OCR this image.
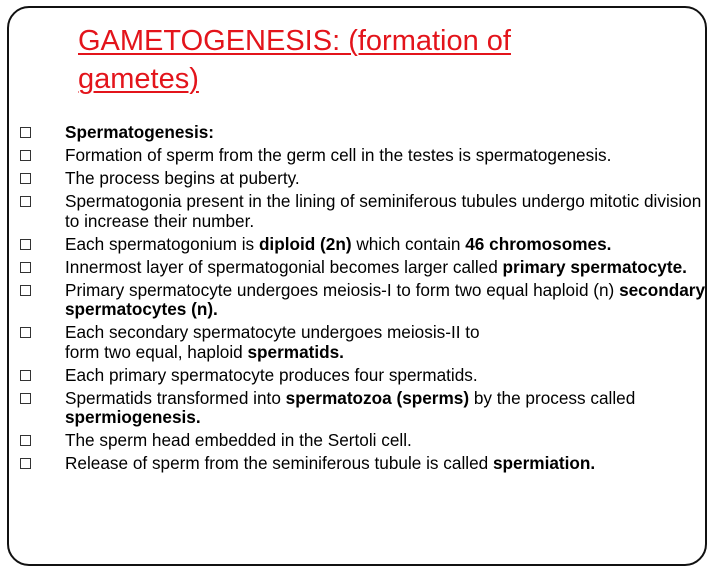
GAMETOGENESIS: (formation of gametes)
Spermatogenesis:
Formation of sperm from the germ cell in the testes is spermatogenesis.
The process begins at puberty.
Spermatogonia present in the lining of seminiferous tubules undergo mitotic division to increase their number.
Each spermatogonium is diploid (2n) which contain 46 chromosomes.
Innermost layer of spermatogonial becomes larger called primary spermatocyte.
Primary spermatocyte undergoes meiosis-I to form two equal haploid (n) secondary
spermatocytes (n).
Each secondary spermatocyte undergoes meiosis-II to
form two equal, haploid spermatids.
Each primary spermatocyte produces four spermatids.
Spermatids transformed into spermatozoa (sperms) by the process called spermiogenesis.
The sperm head embedded in the Sertoli cell.
Release of sperm from the seminiferous tubule is called spermiation.
